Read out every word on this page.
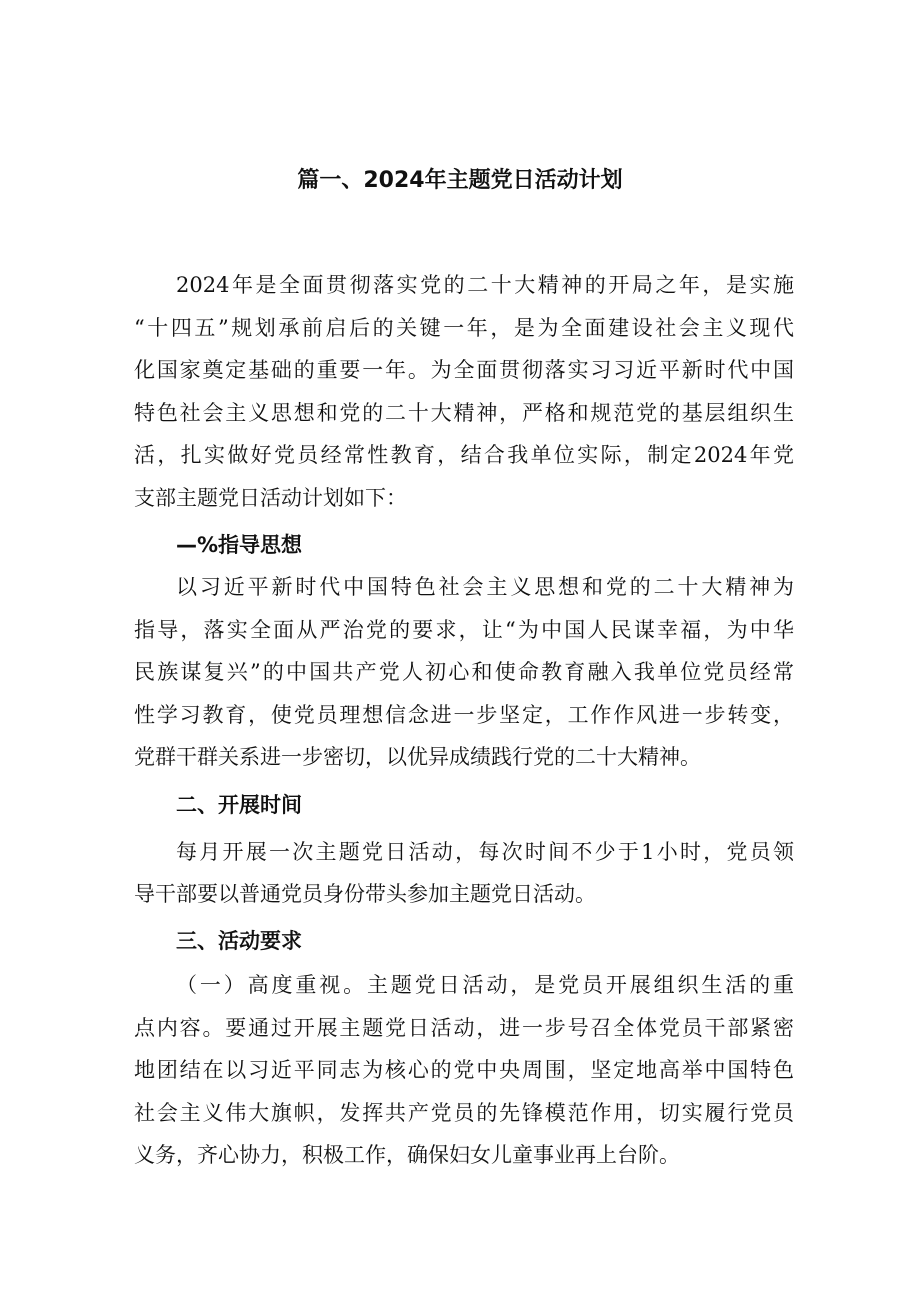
篇一、2024年主题党日活动计划

2024年是全面贯彻落实党的二十大精神的开局之年，是实施

“十四五”规划承前启后的关键一年，是为全面建设社会主义现代

化国家奠定基础的重要一年。为全面贯彻落实习习近平新时代中国

特色社会主义思想和党的二十大精神，严格和规范党的基层组织生

活，扎实做好党员经常性教育，结合我单位实际，制定2024年党

支部主题党日活动计划如下：

—%指导思想

以习近平新时代中国特色社会主义思想和党的二十大精神为

指导，落实全面从严治党的要求，让“为中国人民谋幸福，为中华

民族谋复兴”的中国共产党人初心和使命教育融入我单位党员经常

性学习教育，使党员理想信念进一步坚定，工作作风进一步转变，

党群干群关系进一步密切，以优异成绩践行党的二十大精神。

二、开展时间

每月开展一次主题党日活动，每次时间不少于1小时，党员领

导干部要以普通党员身份带头参加主题党日活动。

三、活动要求

（一）高度重视。主题党日活动，是党员开展组织生活的重

点内容。要通过开展主题党日活动，进一步号召全体党员干部紧密

地团结在以习近平同志为核心的党中央周围，坚定地高举中国特色

社会主义伟大旗帜，发挥共产党员的先锋模范作用，切实履行党员

义务，齐心协力，积极工作，确保妇女儿童事业再上台阶。
